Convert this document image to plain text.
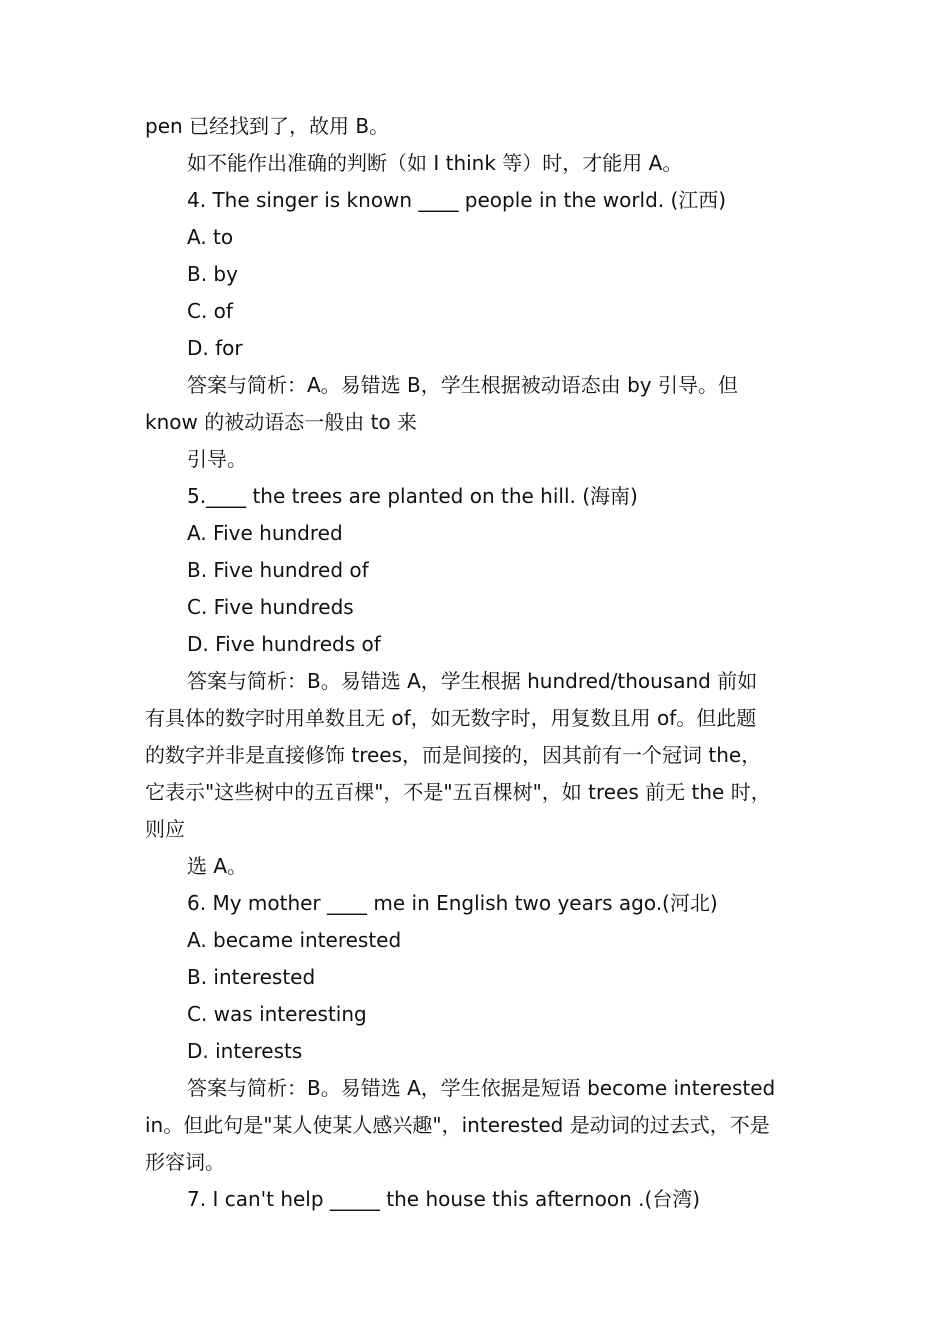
pen 已经找到了，故用 B。
如不能作出准确的判断（如 I think 等）时，才能用 A。
4. The singer is known ____ people in the world. (江西)
A. to
B. by
C. of
D. for
答案与简析：A。易错选 B，学生根据被动语态由 by 引导。但
know 的被动语态一般由 to 来
引导。
5.____ the trees are planted on the hill. (海南)
A. Five hundred
B. Five hundred of
C. Five hundreds
D. Five hundreds of
答案与简析：B。易错选 A，学生根据 hundred/thousand 前如
有具体的数字时用单数且无 of，如无数字时，用复数且用 of。但此题
的数字并非是直接修饰 trees，而是间接的，因其前有一个冠词 the，
它表示"这些树中的五百棵"，不是"五百棵树"，如 trees 前无 the 时，
则应
选 A。
6. My mother ____ me in English two years ago.(河北)
A. became interested
B. interested
C. was interesting
D. interests
答案与简析：B。易错选 A，学生依据是短语 become interested
in。但此句是"某人使某人感兴趣"，interested 是动词的过去式，不是
形容词。
7. I can't help _____ the house this afternoon .(台湾)
